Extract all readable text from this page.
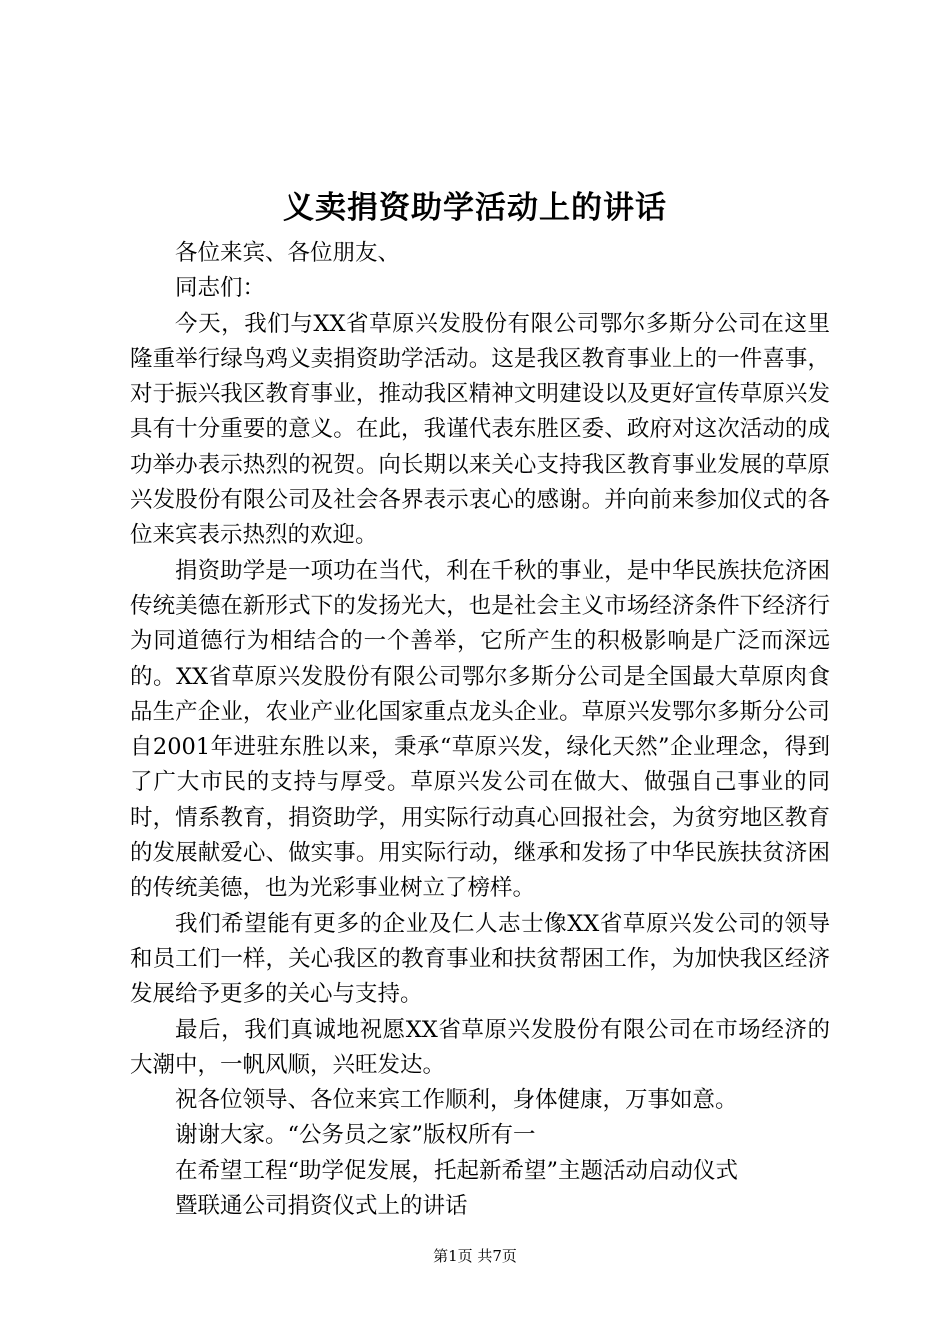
义卖捐资助学活动上的讲话

各位来宾、各位朋友、

同志们：

今天，我们与XX省草原兴发股份有限公司鄂尔多斯分公司在这里隆重举行绿鸟鸡义卖捐资助学活动。这是我区教育事业上的一件喜事，对于振兴我区教育事业，推动我区精神文明建设以及更好宣传草原兴发具有十分重要的意义。在此，我谨代表东胜区委、政府对这次活动的成功举办表示热烈的祝贺。向长期以来关心支持我区教育事业发展的草原兴发股份有限公司及社会各界表示衷心的感谢。并向前来参加仪式的各位来宾表示热烈的欢迎。

捐资助学是一项功在当代，利在千秋的事业，是中华民族扶危济困传统美德在新形式下的发扬光大，也是社会主义市场经济条件下经济行为同道德行为相结合的一个善举，它所产生的积极影响是广泛而深远的。XX省草原兴发股份有限公司鄂尔多斯分公司是全国最大草原肉食品生产企业，农业产业化国家重点龙头企业。草原兴发鄂尔多斯分公司自2001年进驻东胜以来，秉承“草原兴发，绿化天然”企业理念，得到了广大市民的支持与厚受。草原兴发公司在做大、做强自己事业的同时，情系教育，捐资助学，用实际行动真心回报社会，为贫穷地区教育的发展献爱心、做实事。用实际行动，继承和发扬了中华民族扶贫济困的传统美德，也为光彩事业树立了榜样。

我们希望能有更多的企业及仁人志士像XX省草原兴发公司的领导和员工们一样，关心我区的教育事业和扶贫帮困工作，为加快我区经济发展给予更多的关心与支持。

最后，我们真诚地祝愿XX省草原兴发股份有限公司在市场经济的大潮中，一帆风顺，兴旺发达。

祝各位领导、各位来宾工作顺利，身体健康，万事如意。

谢谢大家。“公务员之家”版权所有一

在希望工程“助学促发展，托起新希望”主题活动启动仪式

暨联通公司捐资仪式上的讲话

第1页 共7页
